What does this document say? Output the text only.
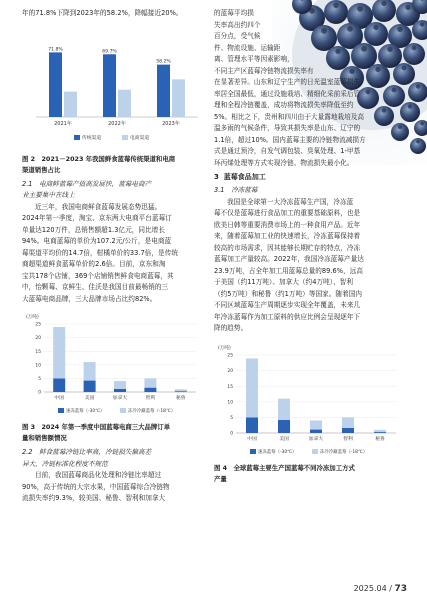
年的71.8%下降到2023年的58.2%，降幅接近20%。

71.8%
2021年
69.7%
2022年
58.2%
2023年
传统渠道	电商渠道

图 2　2021－2023 年我国鲜食蓝莓传统渠道和电商

渠道销售占比

2.1　电商鲜蓝莓产值高发展快，蓝莓电商产

业主要集中在线上

近三年，我国电商鲜食蓝莓发展态势迅猛。

2024年第一季度，淘宝、京东两大电商平台蓝莓订

单量达120万件，总销售额超1.3亿元，同比增长

94%。电商蓝莓的单价为107.2元/公斤，是电商蓝

莓渠道平均价的14.7倍，柑橘单价的33.7倍，是传统

商超渠道鲜食蓝莓单价的2.6倍。目前，京东和淘

宝共178个店铺，369个店铺销售鲜食电商蓝莓，其

中，怡颗莓、京鲜生、佳沃是我国目前最畅销的三

大蓝莓电商品牌，三大品牌市场占比约82%。

(万吨)
0
5
10
15
20
25
中国	美国	加拿大	智利	秘鲁
速冻蓝莓（-30℃）	冻冷冷藏蓝莓（-18℃）

图 3　2024 年第一季度中国蓝莓电商三大品牌订单

量和销售额情况

2.2　鲜食蓝莓冷链比率高，冷链损失偏高差

异大，冷链标准化程度不规范

目前，我国蓝莓商品化处理和冷链比率超过

90%，高于传统的大宗水果，中国蓝莓综合冷链物

流损失率约9.3%，较美国、秘鲁、智利和加拿大

的蓝莓平均损

失率高出约四个

百分点，受气候

件、物流设施、运输距

离、管理水平等因素影响，

不同主产区蓝莓冷链物流损失率有

在显著差异。山东和辽宁生产的日光温室蓝莓损失

率居全国最低，通过设施栽培、精细化采前采后管

理和全程冷链覆盖，成功将物流损失率降低至约

5%。相比之下，贵州和四川由于大量露地栽培及高

温多雨的气候条件，导致其损失率是山东、辽宁的

1.1倍，超过10%。国内蓝莓主要的冷链物流减损方

式是通过预冷，自发气调包装、臭氧处理、1-甲基

环丙烯处理等方式实现冷链、物流损失最小化。

3 蓝莓食品加工

3.1　冷冻蓝莓

我国是全球第一大冷冻蓝莓生产国，冷冻蓝

莓不仅是蓝莓进行食品加工的重要基础原料，也是

欧美日韩等重要消费市场上的一种食用产品。近年

来，随着蓝莓加工业的快速增长，冷冻蓝莓保持着

较高的市场需求，因其能够长期贮存的特点，冷冻

蓝莓加工产量较高。2022年，我国冷冻蓝莓产量达

23.9万吨，占全年加工用蓝莓总量的89.6%，远高

于美国（约11万吨）、加拿大（约4万吨）、智利

（约5万吨）和秘鲁（约1万吨）等国家。随着国内

不同区域蓝莓生产周期逐步实现全年覆盖，未来几

年冷冻蓝莓作为加工原料的供应比例会呈现逐年下

降的趋势。

(万吨)
0
5
10
15
20
25
中国	美国	加拿大	智利	秘鲁
速冻蓝莓（-30℃）	冻冷冷藏蓝莓（-18℃）

图 4　全球蓝莓主要生产国蓝莓不同冷冻加工方式

产量

2025.04 / 73
